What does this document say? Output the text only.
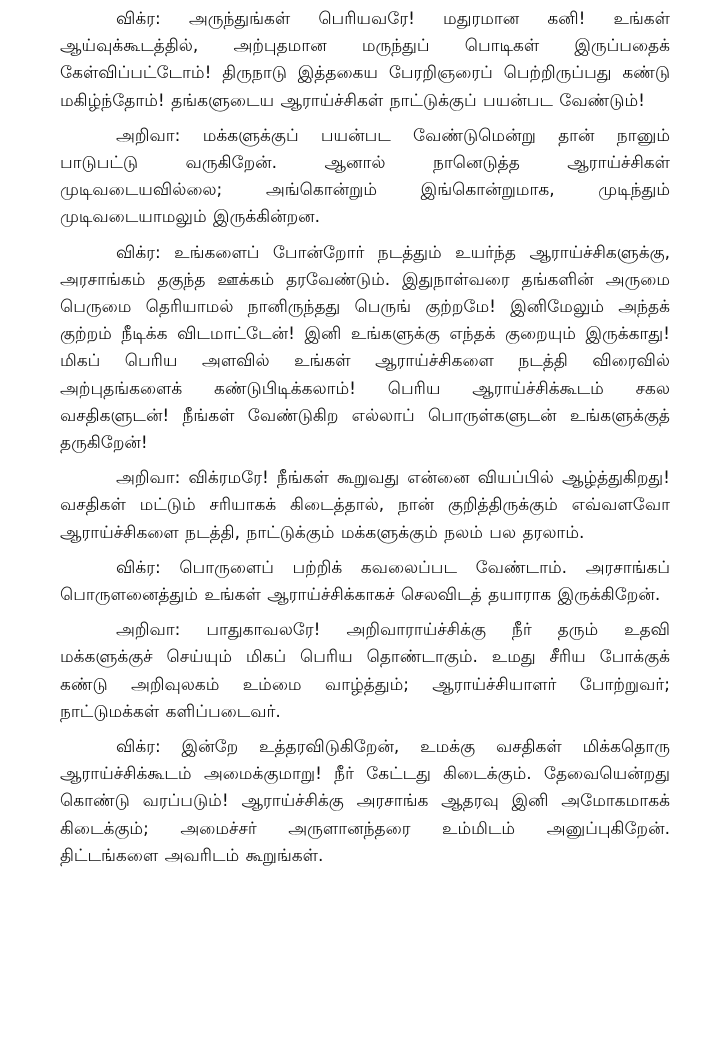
விக்ர: அருந்துங்கள் பெரியவரே! மதுரமான கனி! உங்கள் ஆய்வுக்கூடத்தில், அற்புதமான மருந்துப் பொடிகள் இருப்பதைக் கேள்விப்பட்டோம்! திருநாடு இத்தகைய பேரறிஞரைப் பெற்றிருப்பது கண்டு மகிழ்ந்தோம்! தங்களுடைய ஆராய்ச்சிகள் நாட்டுக்குப் பயன்பட வேண்டும்!

அறிவா: மக்களுக்குப் பயன்பட வேண்டுமென்று தான் நானும் பாடுபட்டு வருகிறேன். ஆனால் நானெடுத்த ஆராய்ச்சிகள் முடிவடையவில்லை; அங்கொன்றும் இங்கொன்றுமாக, முடிந்தும் முடிவடையாமலும் இருக்கின்றன.

விக்ர: உங்களைப் போன்றோர் நடத்தும் உயர்ந்த ஆராய்ச்சிகளுக்கு, அரசாங்கம் தகுந்த ஊக்கம் தரவேண்டும். இதுநாள்வரை தங்களின் அருமை பெருமை தெரியாமல் நானிருந்தது பெருங் குற்றமே! இனிமேலும் அந்தக் குற்றம் நீடிக்க விடமாட்டேன்! இனி உங்களுக்கு எந்தக் குறையும் இருக்காது! மிகப் பெரிய அளவில் உங்கள் ஆராய்ச்சிகளை நடத்தி விரைவில் அற்புதங்களைக் கண்டுபிடிக்கலாம்! பெரிய ஆராய்ச்சிக்கூடம் சகல வசதிகளுடன்! நீங்கள் வேண்டுகிற எல்லாப் பொருள்களுடன் உங்களுக்குத் தருகிறேன்!

அறிவா: விக்ரமரே! நீங்கள் கூறுவது என்னை வியப்பில் ஆழ்த்துகிறது! வசதிகள் மட்டும் சரியாகக் கிடைத்தால், நான் குறித்திருக்கும் எவ்வளவோ ஆராய்ச்சிகளை நடத்தி, நாட்டுக்கும் மக்களுக்கும் நலம் பல தரலாம்.

விக்ர: பொருளைப் பற்றிக் கவலைப்பட வேண்டாம். அரசாங்கப் பொருளனைத்தும் உங்கள் ஆராய்ச்சிக்காகச் செலவிடத் தயாராக இருக்கிறேன்.

அறிவா: பாதுகாவலரே! அறிவாராய்ச்சிக்கு நீர் தரும் உதவி மக்களுக்குச் செய்யும் மிகப் பெரிய தொண்டாகும். உமது சீரிய போக்குக் கண்டு அறிவுலகம் உம்மை வாழ்த்தும்; ஆராய்ச்சியாளர் போற்றுவர்; நாட்டுமக்கள் களிப்படைவர்.

விக்ர: இன்றே உத்தரவிடுகிறேன், உமக்கு வசதிகள் மிக்கதொரு ஆராய்ச்சிக்கூடம் அமைக்குமாறு! நீர் கேட்டது கிடைக்கும். தேவையென்றது கொண்டு வரப்படும்! ஆராய்ச்சிக்கு அரசாங்க ஆதரவு இனி அமோகமாகக் கிடைக்கும்; அமைச்சர் அருளானந்தரை உம்மிடம் அனுப்புகிறேன். திட்டங்களை அவரிடம் கூறுங்கள்.
